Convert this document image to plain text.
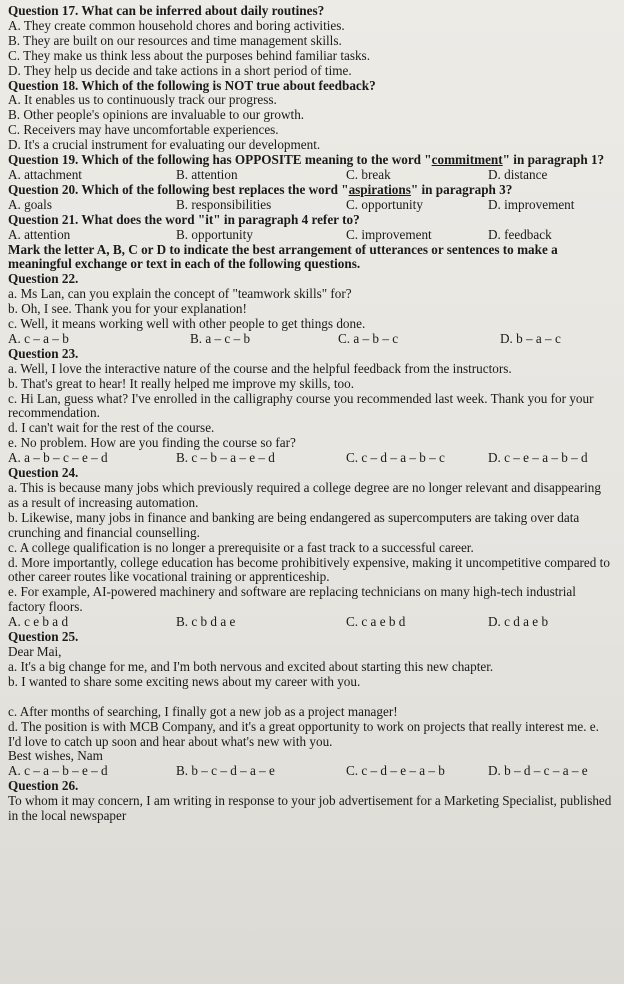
Question 17. What can be inferred about daily routines?
A. They create common household chores and boring activities.
B. They are built on our resources and time management skills.
C. They make us think less about the purposes behind familiar tasks.
D. They help us decide and take actions in a short period of time.
Question 18. Which of the following is NOT true about feedback?
A. It enables us to continuously track our progress.
B. Other people's opinions are invaluable to our growth.
C. Receivers may have uncomfortable experiences.
D. It's a crucial instrument for evaluating our development.
Question 19. Which of the following has OPPOSITE meaning to the word "commitment" in paragraph 1?
A. attachment	B. attention	C. break	D. distance
Question 20. Which of the following best replaces the word "aspirations" in paragraph 3?
A. goals	B. responsibilities	C. opportunity	D. improvement
Question 21. What does the word "it" in paragraph 4 refer to?
A. attention	B. opportunity	C. improvement	D. feedback
Mark the letter A, B, C or D to indicate the best arrangement of utterances or sentences to make a meaningful exchange or text in each of the following questions.
Question 22.
a. Ms Lan, can you explain the concept of "teamwork skills" for?
b. Oh, I see. Thank you for your explanation!
c. Well, it means working well with other people to get things done.
A. c – a – b	B. a – c – b	C. a – b – c	D. b – a – c
Question 23.
a. Well, I love the interactive nature of the course and the helpful feedback from the instructors.
b. That's great to hear! It really helped me improve my skills, too.
c. Hi Lan, guess what? I've enrolled in the calligraphy course you recommended last week. Thank you for your recommendation.
d. I can't wait for the rest of the course.
e. No problem. How are you finding the course so far?
A. a – b – c – e – d	B. c – b – a – e – d	C. c – d – a – b – c	D. c – e – a – b – d
Question 24.
a. This is because many jobs which previously required a college degree are no longer relevant and disappearing as a result of increasing automation.
b. Likewise, many jobs in finance and banking are being endangered as supercomputers are taking over data crunching and financial counselling.
c. A college qualification is no longer a prerequisite or a fast track to a successful career.
d. More importantly, college education has become prohibitively expensive, making it uncompetitive compared to other career routes like vocational training or apprenticeship.
e. For example, AI-powered machinery and software are replacing technicians on many high-tech industrial factory floors.
A. c e b a d	B. c b d a e	C. c a e b d	D. c d a e b
Question 25.
Dear Mai,
a. It's a big change for me, and I'm both nervous and excited about starting this new chapter.
b. I wanted to share some exciting news about my career with you.
c. After months of searching, I finally got a new job as a project manager!
d. The position is with MCB Company, and it's a great opportunity to work on projects that really interest me. e. I'd love to catch up soon and hear about what's new with you.
Best wishes, Nam
A. c – a – b – e – d	B. b – c – d – a – e	C. c – d – e – a – b	D. b – d – c – a – e
Question 26.
To whom it may concern, I am writing in response to your job advertisement for a Marketing Specialist, published in the local newspaper
